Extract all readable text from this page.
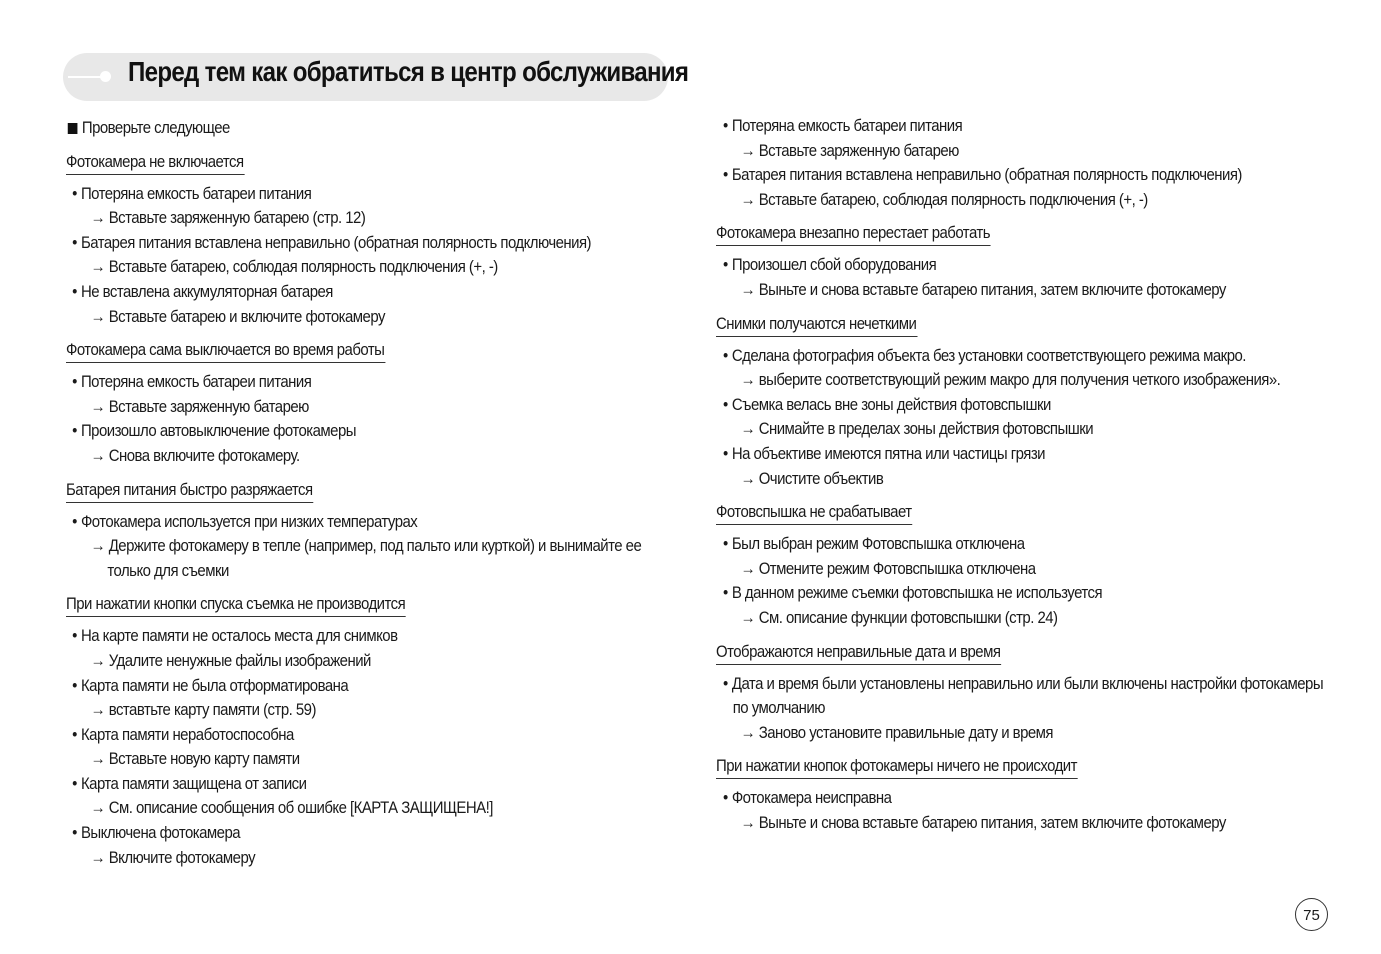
Перед тем как обратиться в центр обслуживания
Проверьте следующее
Фотокамера не включается
• Потеряна емкость батареи питания
→ Вставьте заряженную батарею (стр. 12)
• Батарея питания вставлена неправильно (обратная полярность подключения)
→ Вставьте батарею, соблюдая полярность подключения (+, -)
• Не вставлена аккумуляторная батарея
→ Вставьте батарею и включите фотокамеру
Фотокамера сама выключается во время работы
• Потеряна емкость батареи питания
→ Вставьте заряженную батарею
• Произошло автовыключение фотокамеры
→ Снова включите фотокамеру.
Батарея питания быстро разряжается
• Фотокамера используется при низких температурах
→ Держите фотокамеру в тепле (например, под пальто или курткой) и вынимайте ее
только для съемки
При нажатии кнопки спуска съемка не производится
• На карте памяти не осталось места для снимков
→ Удалите ненужные файлы изображений
• Карта памяти не была отформатирована
→ вставтьте карту памяти (стр. 59)
• Карта памяти неработоспособна
→ Вставьте новую карту памяти
• Карта памяти защищена от записи
→ См. описание сообщения об ошибке [КАРТА ЗАЩИЩЕНА!]
• Выключена фотокамера
→ Включите фотокамеру
• Потеряна емкость батареи питания
→ Вставьте заряженную батарею
• Батарея питания вставлена неправильно (обратная полярность подключения)
→ Вставьте батарею, соблюдая полярность подключения (+, -)
Фотокамера внезапно перестает работать
• Произошел сбой оборудования
→ Выньте и снова вставьте батарею питания, затем включите фотокамеру
Снимки получаются нечеткими
• Сделана фотография объекта без установки соответствующего режима макро.
→ выберите соответствующий режим макро для получения четкого изображения».
• Съемка велась вне зоны действия фотовспышки
→ Снимайте в пределах зоны действия фотовспышки
• На объективе имеются пятна или частицы грязи
→ Очистите объектив
Фотовспышка не срабатывает
• Был выбран режим Фотовспышка отключена
→ Отмените режим Фотовспышка отключена
• В данном режиме съемки фотовспышка не используется
→ См. описание функции фотовспышки (стр. 24)
Отображаются неправильные дата и время
• Дата и время были установлены неправильно или были включены настройки фотокамеры
по умолчанию
→ Заново установите правильные дату и время
При нажатии кнопок фотокамеры ничего не происходит
• Фотокамера неисправна
→ Выньте и снова вставьте батарею питания, затем включите фотокамеру
75
